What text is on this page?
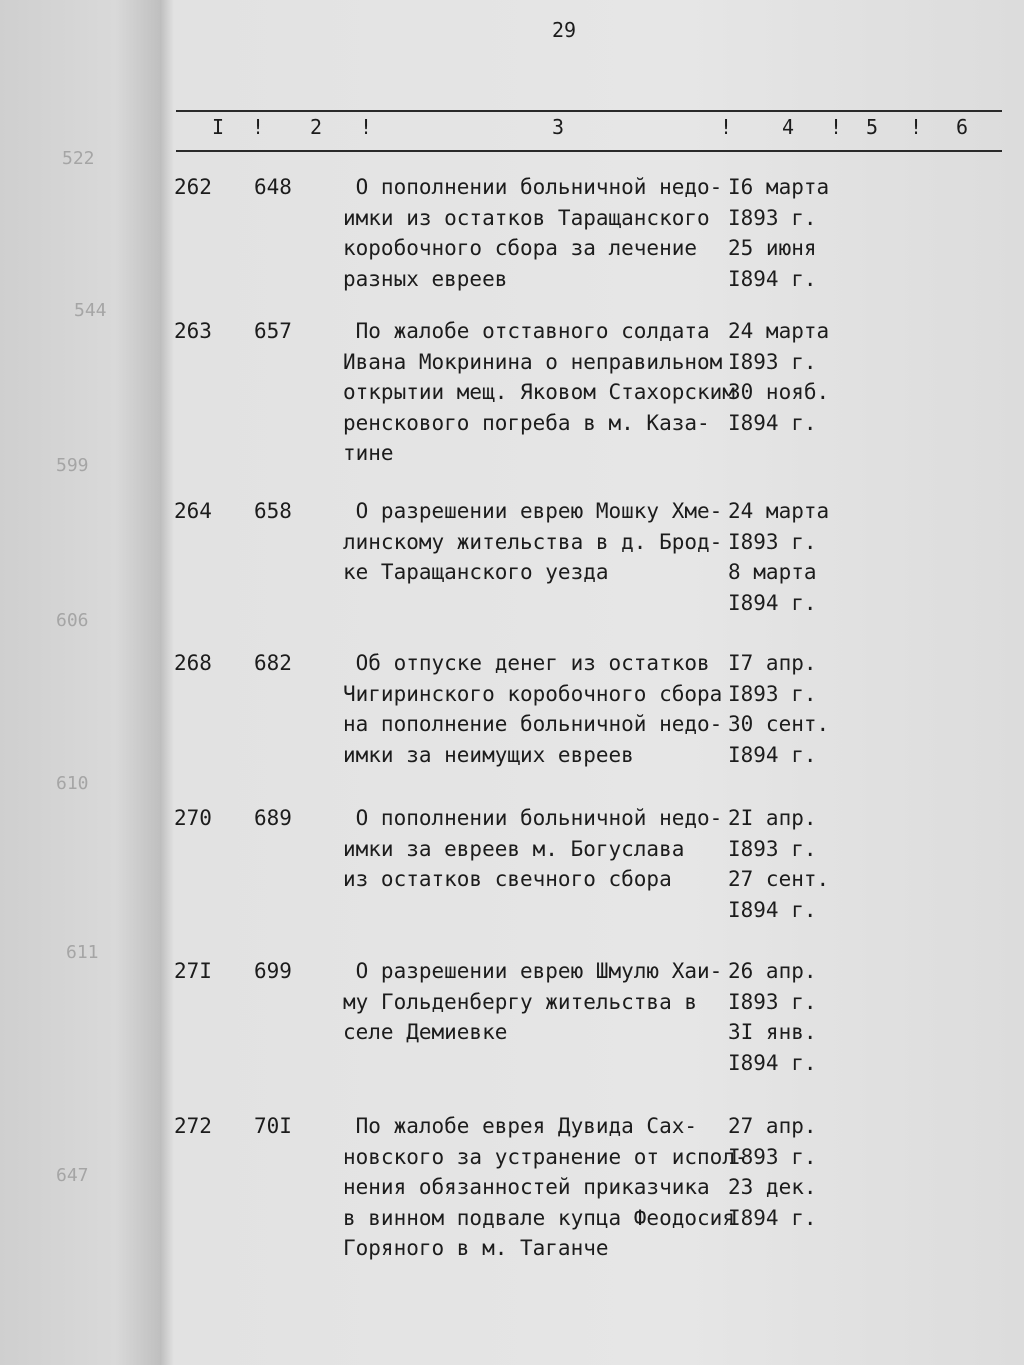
522
544
599
606
610
611
647
29
I ! 2 !	3	! 4 ! 5 ! 6
262 648 О пополнении больничной недо-
имки из остатков Таращанского
коробочного сбора за лечение
разных евреев
I6 марта
I893 г.
25 июня
I894 г.
263 657 По жалобе отставного солдата
Ивана Мокринина о неправильном
открытии мещ. Яковом Стахорским
ренскового погреба в м. Каза-
тине
24 марта
I893 г.
30 нояб.
I894 г.
264 658 О разрешении еврею Мошку Хме-
линскому жительства в д. Брод-
ке Таращанского уезда
24 марта
I893 г.
8 марта
I894 г.
268 682 Об отпуске денег из остатков
Чигиринского коробочного сбора
на пополнение больничной недо-
имки за неимущих евреев
I7 апр.
I893 г.
30 сент.
I894 г.
270 689 О пополнении больничной недо-
имки за евреев м. Богуслава
из остатков свечного сбора
2I апр.
I893 г.
27 сент.
I894 г.
27I 699 О разрешении еврею Шмулю Хаи-
му Гольденбергу жительства в
селе Демиевке
26 апр.
I893 г.
3I янв.
I894 г.
272 70I По жалобе еврея Дувида Сах-
новского за устранение от испол-
нения обязанностей приказчика
в винном подвале купца Феодосия
Горяного в м. Таганче
27 апр.
I893 г.
23 дек.
I894 г.
